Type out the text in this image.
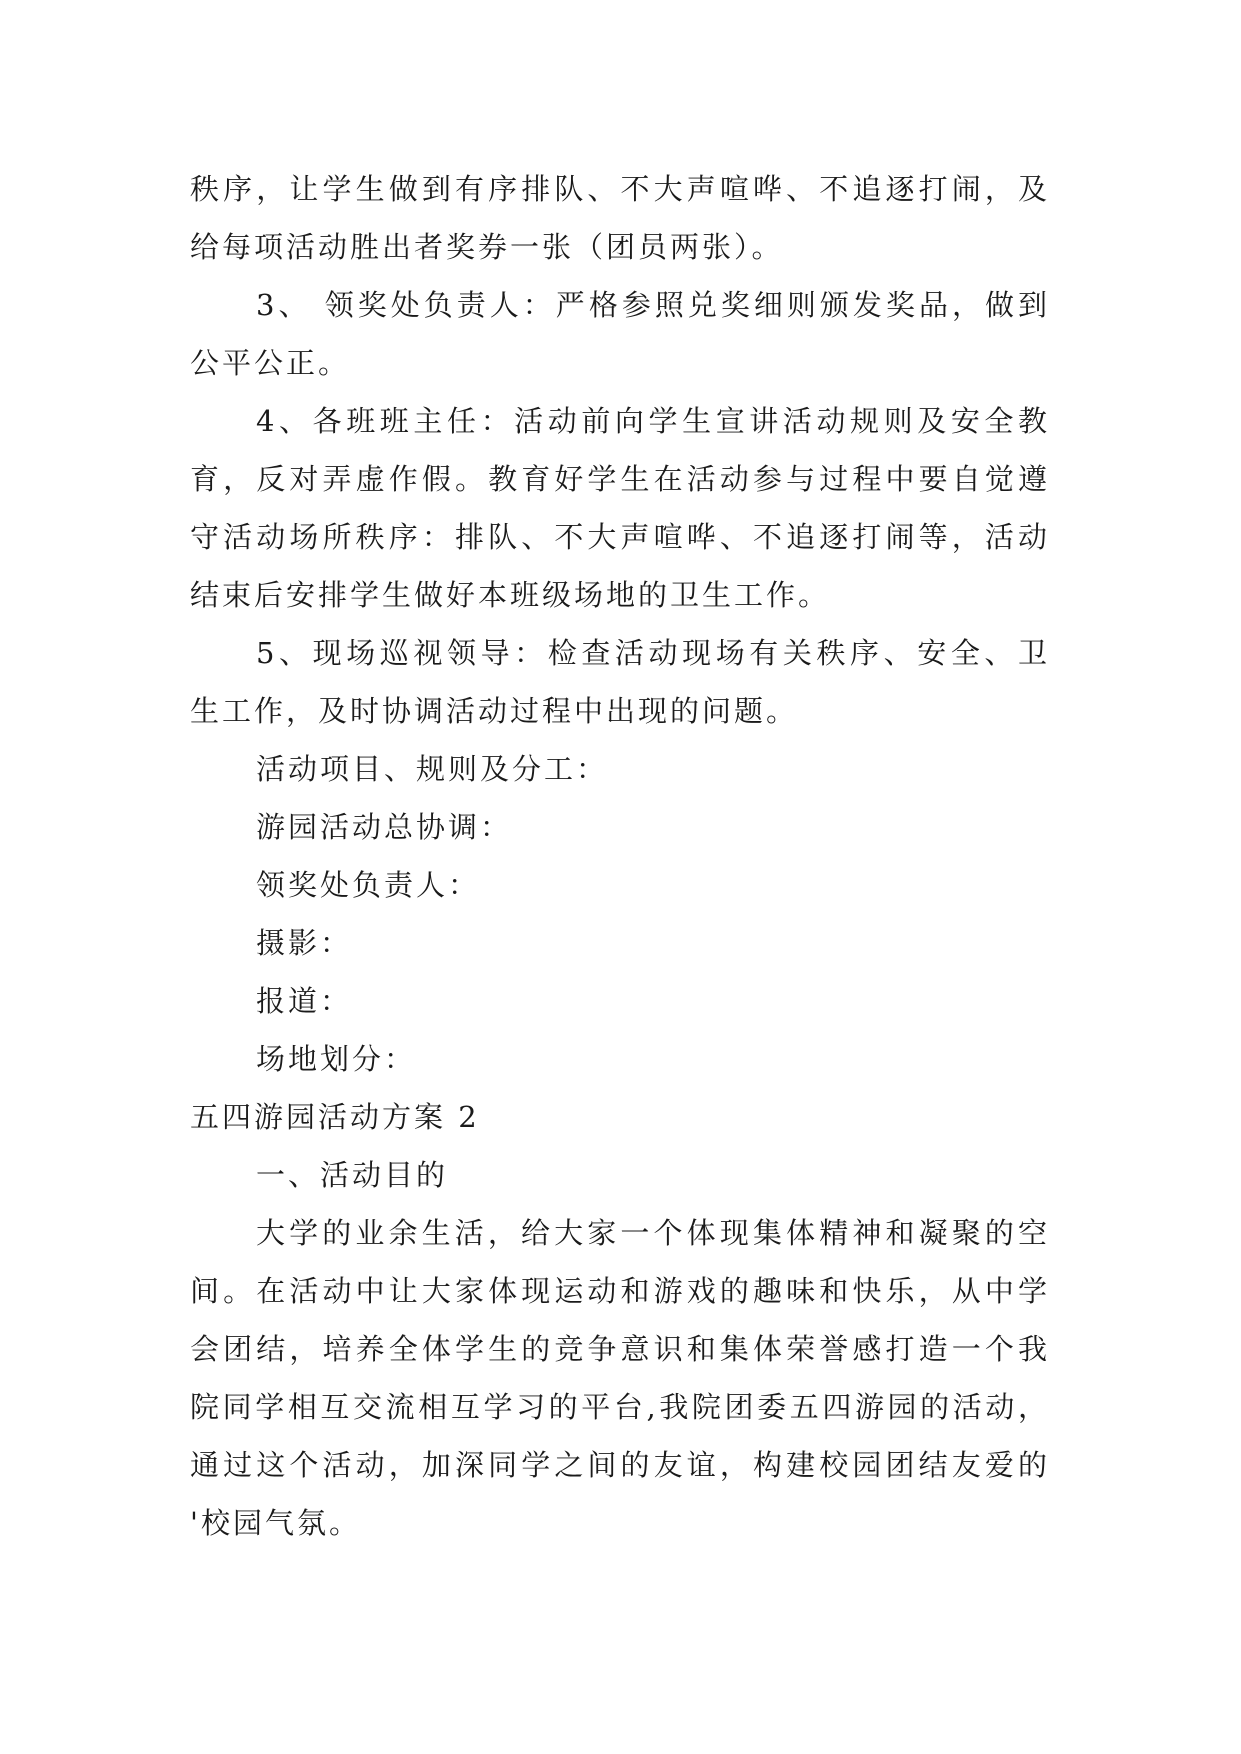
秩序，让学生做到有序排队、不大声喧哗、不追逐打闹，及
给每项活动胜出者奖券一张（团员两张）。
3、 领奖处负责人：严格参照兑奖细则颁发奖品，做到
公平公正。
4、各班班主任：活动前向学生宣讲活动规则及安全教
育，反对弄虚作假。教育好学生在活动参与过程中要自觉遵
守活动场所秩序：排队、不大声喧哗、不追逐打闹等，活动
结束后安排学生做好本班级场地的卫生工作。
5、现场巡视领导：检查活动现场有关秩序、安全、卫
生工作，及时协调活动过程中出现的问题。
活动项目、规则及分工：
游园活动总协调：
领奖处负责人：
摄影：
报道：
场地划分：
五四游园活动方案 2
一、活动目的
大学的业余生活，给大家一个体现集体精神和凝聚的空
间。在活动中让大家体现运动和游戏的趣味和快乐，从中学
会团结，培养全体学生的竞争意识和集体荣誉感打造一个我
院同学相互交流相互学习的平台,我院团委五四游园的活动，
通过这个活动，加深同学之间的友谊，构建校园团结友爱的
'校园气氛。
